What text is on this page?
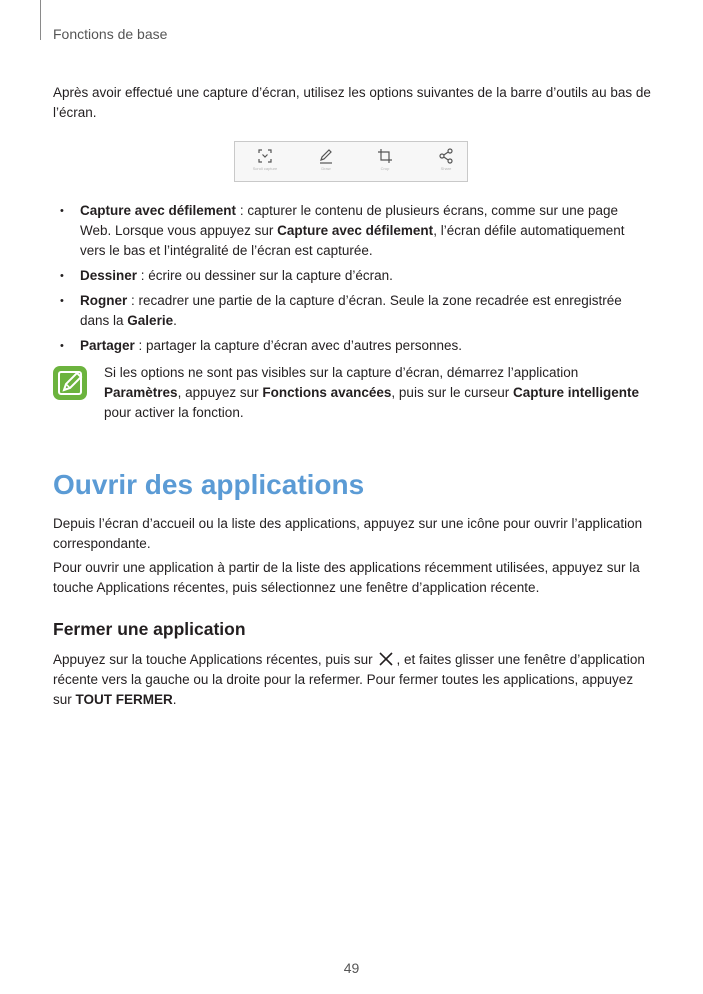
Fonctions de base

Après avoir effectué une capture d’écran, utilisez les options suivantes de la barre d’outils au bas de l’écran.

Scroll capture	Draw	Crop	Share
• Capture avec défilement : capturer le contenu de plusieurs écrans, comme sur une page Web. Lorsque vous appuyez sur Capture avec défilement, l’écran défile automatiquement vers le bas et l’intégralité de l’écran est capturée.
• Dessiner : écrire ou dessiner sur la capture d’écran.
• Rogner : recadrer une partie de la capture d’écran. Seule la zone recadrée est enregistrée dans la Galerie.
• Partager : partager la capture d’écran avec d’autres personnes.
Si les options ne sont pas visibles sur la capture d’écran, démarrez l’application Paramètres, appuyez sur Fonctions avancées, puis sur le curseur Capture intelligente pour activer la fonction.
Ouvrir des applications

Depuis l’écran d’accueil ou la liste des applications, appuyez sur une icône pour ouvrir l’application correspondante.

Pour ouvrir une application à partir de la liste des applications récemment utilisées, appuyez sur la touche Applications récentes, puis sélectionnez une fenêtre d’application récente.

Fermer une application

Appuyez sur la touche Applications récentes, puis sur , et faites glisser une fenêtre d’application récente vers la gauche ou la droite pour la refermer. Pour fermer toutes les applications, appuyez sur TOUT FERMER.

49
